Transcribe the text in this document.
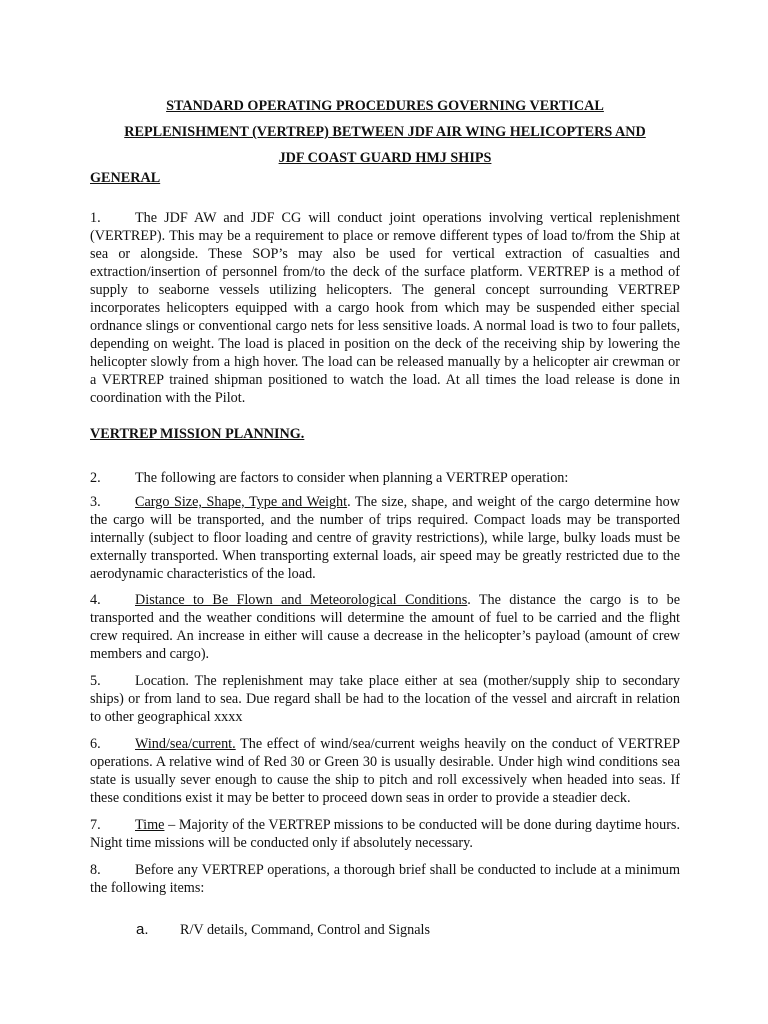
STANDARD OPERATING PROCEDURES GOVERNING VERTICAL

REPLENISHMENT (VERTREP) BETWEEN JDF AIR WING HELICOPTERS AND

JDF COAST GUARD HMJ SHIPS

GENERAL

1. The JDF AW and JDF CG will conduct joint operations involving vertical replenishment (VERTREP). This may be a requirement to place or remove different types of load to/from the Ship at sea or alongside. These SOP’s may also be used for vertical extraction of casualties and extraction/insertion of personnel from/to the deck of the surface platform. VERTREP is a method of supply to seaborne vessels utilizing helicopters. The general concept surrounding VERTREP incorporates helicopters equipped with a cargo hook from which may be suspended either special ordnance slings or conventional cargo nets for less sensitive loads. A normal load is two to four pallets, depending on weight. The load is placed in position on the deck of the receiving ship by lowering the helicopter slowly from a high hover. The load can be released manually by a helicopter air crewman or a VERTREP trained shipman positioned to watch the load. At all times the load release is done in coordination with the Pilot.

VERTREP MISSION PLANNING.

2. The following are factors to consider when planning a VERTREP operation:

3. Cargo Size, Shape, Type and Weight. The size, shape, and weight of the cargo determine how the cargo will be transported, and the number of trips required. Compact loads may be transported internally (subject to floor loading and centre of gravity restrictions), while large, bulky loads must be externally transported. When transporting external loads, air speed may be greatly restricted due to the aerodynamic characteristics of the load.

4. Distance to Be Flown and Meteorological Conditions. The distance the cargo is to be transported and the weather conditions will determine the amount of fuel to be carried and the flight crew required. An increase in either will cause a decrease in the helicopter’s payload (amount of crew members and cargo).

5. Location. The replenishment may take place either at sea (mother/supply ship to secondary ships) or from land to sea. Due regard shall be had to the location of the vessel and aircraft in relation to other geographical xxxx

6. Wind/sea/current. The effect of wind/sea/current weighs heavily on the conduct of VERTREP operations. A relative wind of Red 30 or Green 30 is usually desirable. Under high wind conditions sea state is usually sever enough to cause the ship to pitch and roll excessively when headed into seas. If these conditions exist it may be better to proceed down seas in order to provide a steadier deck.

7. Time – Majority of the VERTREP missions to be conducted will be done during daytime hours. Night time missions will be conducted only if absolutely necessary.

8. Before any VERTREP operations, a thorough brief shall be conducted to include at a minimum the following items:

a. R/V details, Command, Control and Signals
